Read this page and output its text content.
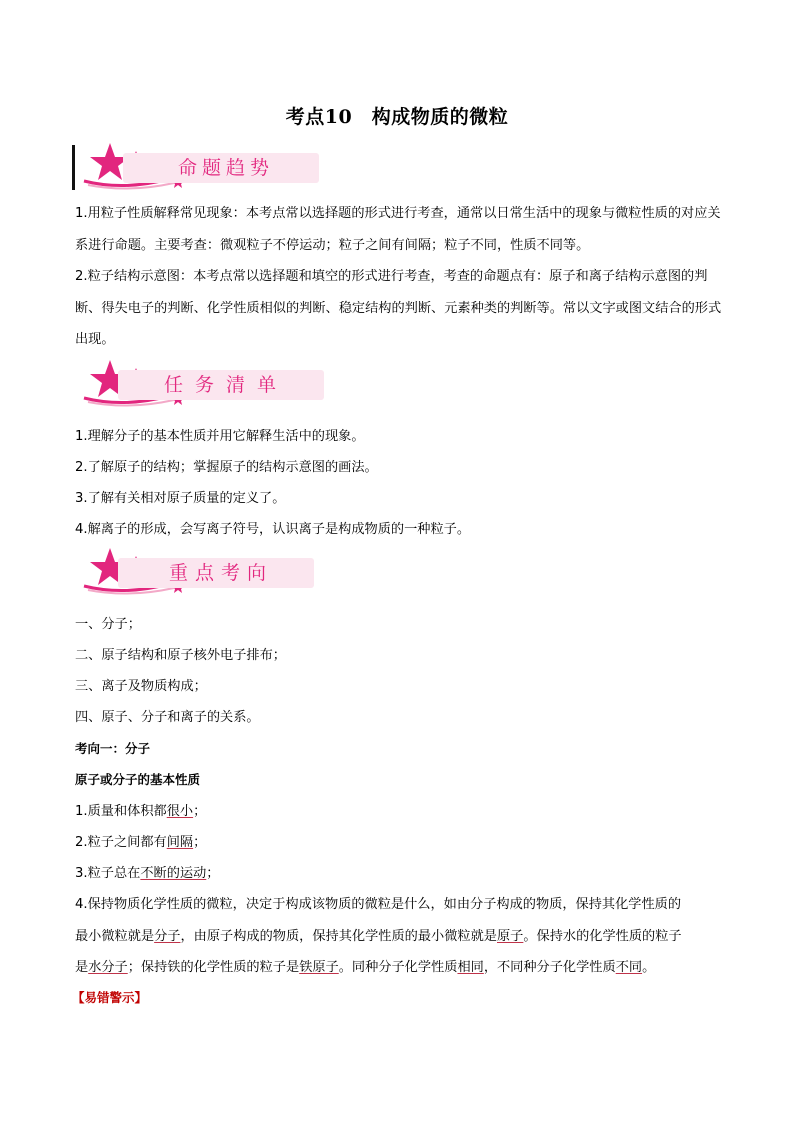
考点10　构成物质的微粒
命题趋势

1.用粒子性质解释常见现象：本考点常以选择题的形式进行考查，通常以日常生活中的现象与微粒性质的对应关系进行命题。主要考查：微观粒子不停运动；粒子之间有间隔；粒子不同，性质不同等。

2.粒子结构示意图：本考点常以选择题和填空的形式进行考查，考查的命题点有：原子和离子结构示意图的判断、得失电子的判断、化学性质相似的判断、稳定结构的判断、元素种类的判断等。常以文字或图文结合的形式出现。

任务清单
1.理解分子的基本性质并用它解释生活中的现象。
2.了解原子的结构；掌握原子的结构示意图的画法。
3.了解有关相对原子质量的定义了。
4.解离子的形成，会写离子符号，认识离子是构成物质的一种粒子。
重点考向
一、分子；
二、原子结构和原子核外电子排布；
三、离子及物质构成；
四、原子、分子和离子的关系。
考向一：分子
原子或分子的基本性质
1.质量和体积都很小；
2.粒子之间都有间隔；
3.粒子总在不断的运动；
4.保持物质化学性质的微粒，决定于构成该物质的微粒是什么，如由分子构成的物质，保持其化学性质的
最小微粒就是分子，由原子构成的物质，保持其化学性质的最小微粒就是原子。保持水的化学性质的粒子
是水分子；保持铁的化学性质的粒子是铁原子。同种分子化学性质相同，不同种分子化学性质不同。
【易错警示】
